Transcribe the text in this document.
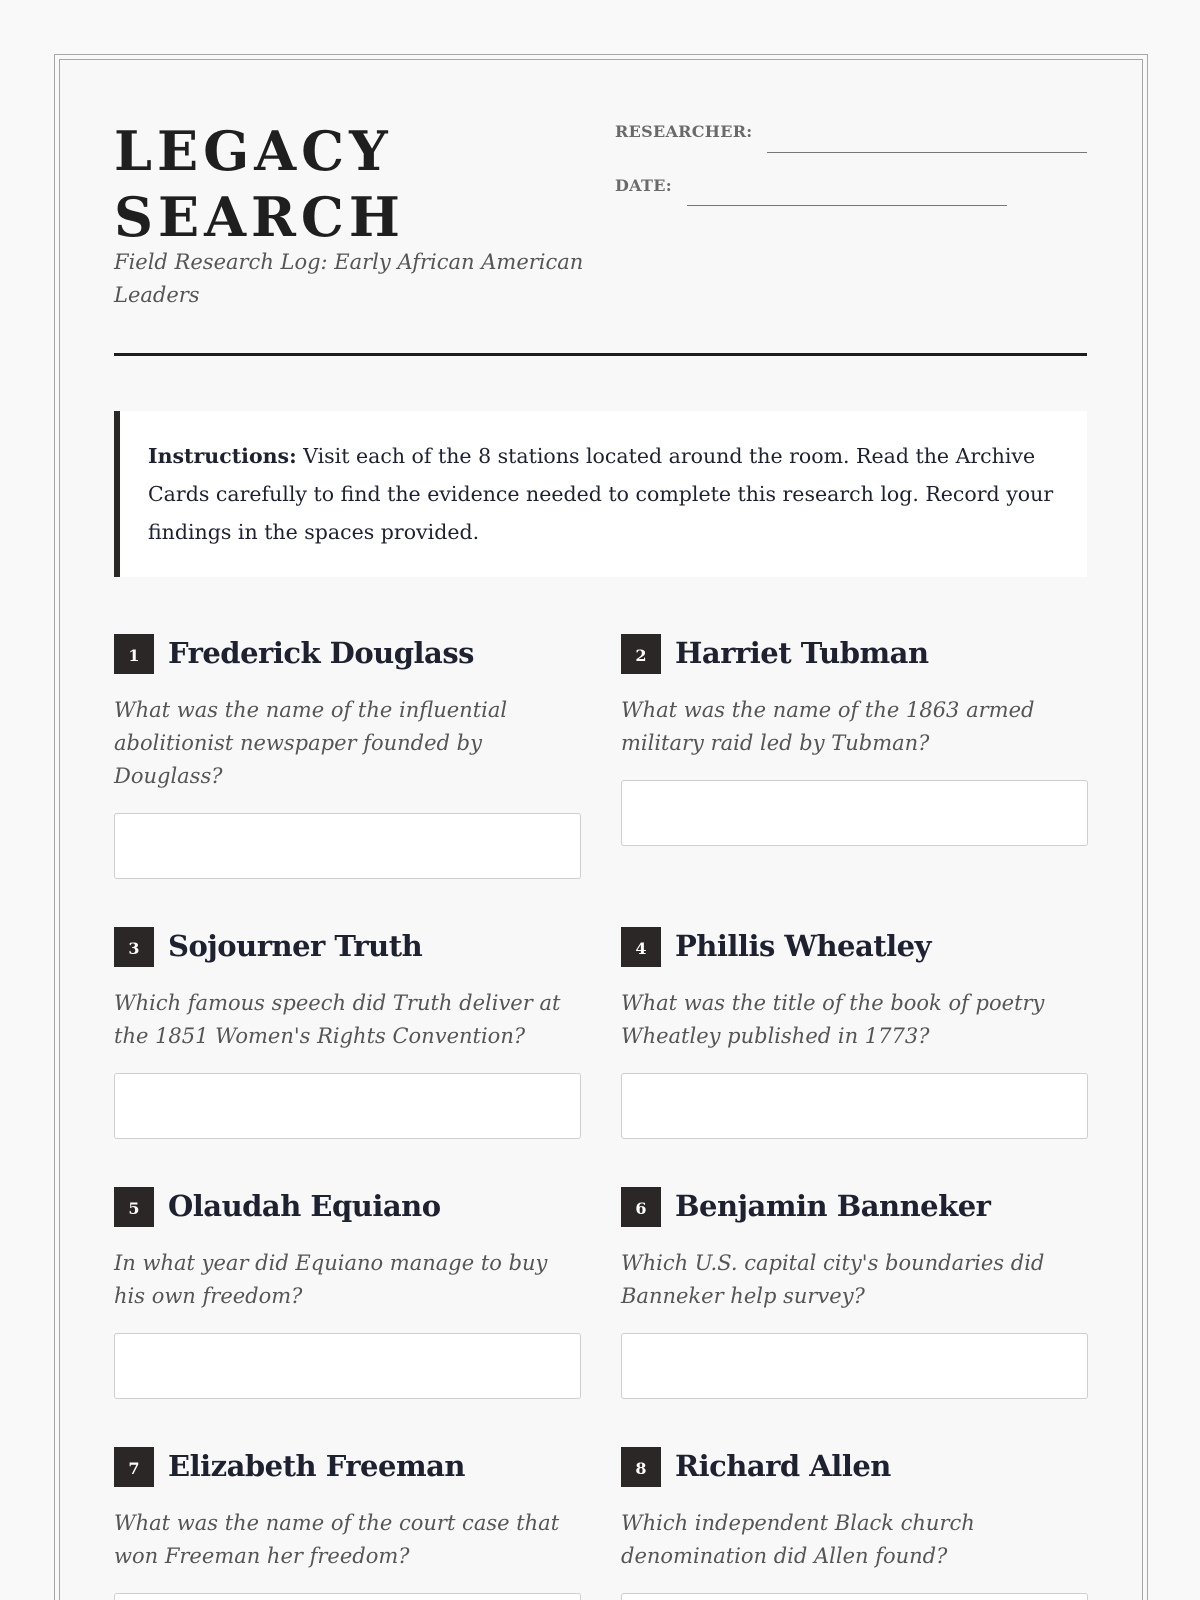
LEGACY
SEARCH
Field Research Log: Early African American Leaders
RESEARCHER:
DATE:
Instructions: Visit each of the 8 stations located around the room. Read the Archive Cards carefully to find the evidence needed to complete this research log. Record your findings in the spaces provided.
1 Frederick Douglass
What was the name of the influential abolitionist newspaper founded by Douglass?
2 Harriet Tubman
What was the name of the 1863 armed military raid led by Tubman?
3 Sojourner Truth
Which famous speech did Truth deliver at the 1851 Women's Rights Convention?
4 Phillis Wheatley
What was the title of the book of poetry Wheatley published in 1773?
5 Olaudah Equiano
In what year did Equiano manage to buy his own freedom?
6 Benjamin Banneker
Which U.S. capital city's boundaries did Banneker help survey?
7 Elizabeth Freeman
What was the name of the court case that won Freeman her freedom?
8 Richard Allen
Which independent Black church denomination did Allen found?
